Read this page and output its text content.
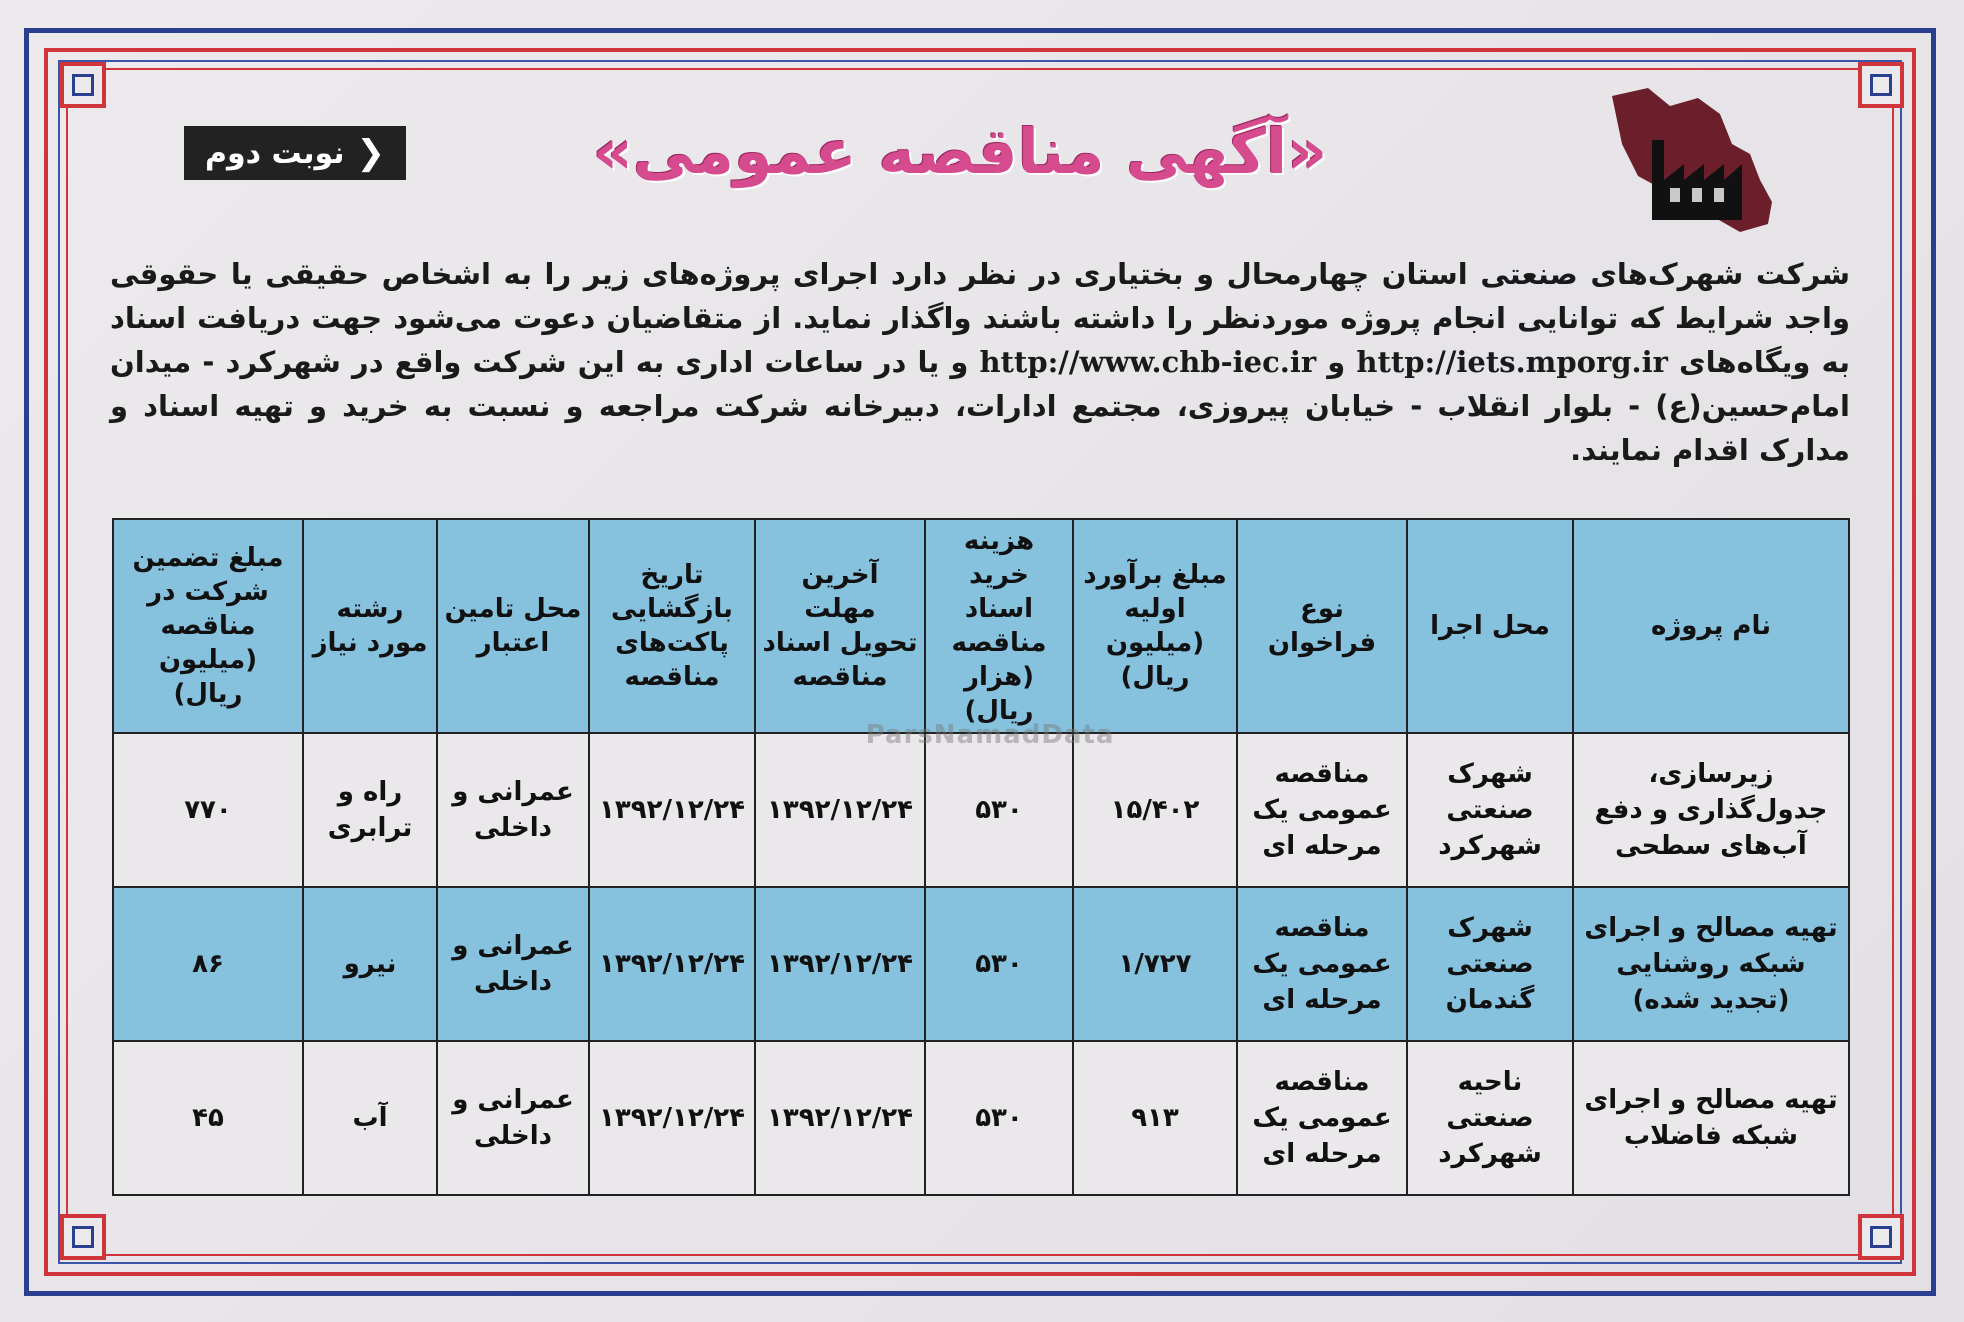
❮
نوبت دوم	«آگهی مناقصه عمومی»
شرکت شهرک‌های صنعتی استان چهارمحال و بختیاری در نظر دارد اجرای پروژه‌های زیر را به اشخاص حقیقی یا حقوقی واجد شرایط که توانایی انجام پروژه موردنظر را داشته باشند واگذار نماید. از متقاضیان دعوت می‌شود جهت دریافت اسناد به ویگاه‌های http://iets.mporg.ir و http://www.chb-iec.ir و یا در ساعات اداری به این شرکت واقع در شهرکرد - میدان امام‌حسین(ع) - بلوار انقلاب - خیابان پیروزی، مجتمع ادارات، دبیرخانه شرکت مراجعه و نسبت به خرید و تهیه اسناد و مدارک اقدام نمایند.
نام پروژه	محل اجرا	نوع فراخوان	مبلغ برآورد اولیه (میلیون ریال)	هزینه خرید اسناد مناقصه (هزار ریال)	آخرین مهلت تحویل اسناد مناقصه	تاریخ بازگشایی پاکت‌های مناقصه	محل تامین اعتبار	رشته مورد نیاز	مبلغ تضمین شرکت در مناقصه (میلیون ریال)
زیرسازی، جدول‌گذاری و دفع آب‌های سطحی	شهرک صنعتی شهرکرد	مناقصه عمومی یک مرحله ای	۱۵/۴۰۲	۵۳۰	۱۳۹۲/۱۲/۲۴	۱۳۹۲/۱۲/۲۴	عمرانی و داخلی	راه و ترابری	۷۷۰
تهیه مصالح و اجرای شبکه روشنایی (تجدید شده)	شهرک صنعتی گندمان	مناقصه عمومی یک مرحله ای	۱/۷۲۷	۵۳۰	۱۳۹۲/۱۲/۲۴	۱۳۹۲/۱۲/۲۴	عمرانی و داخلی	نیرو	۸۶
تهیه مصالح و اجرای شبکه فاضلاب	ناحیه صنعتی شهرکرد	مناقصه عمومی یک مرحله ای	۹۱۳	۵۳۰	۱۳۹۲/۱۲/۲۴	۱۳۹۲/۱۲/۲۴	عمرانی و داخلی	آب	۴۵
ParsNamadData
